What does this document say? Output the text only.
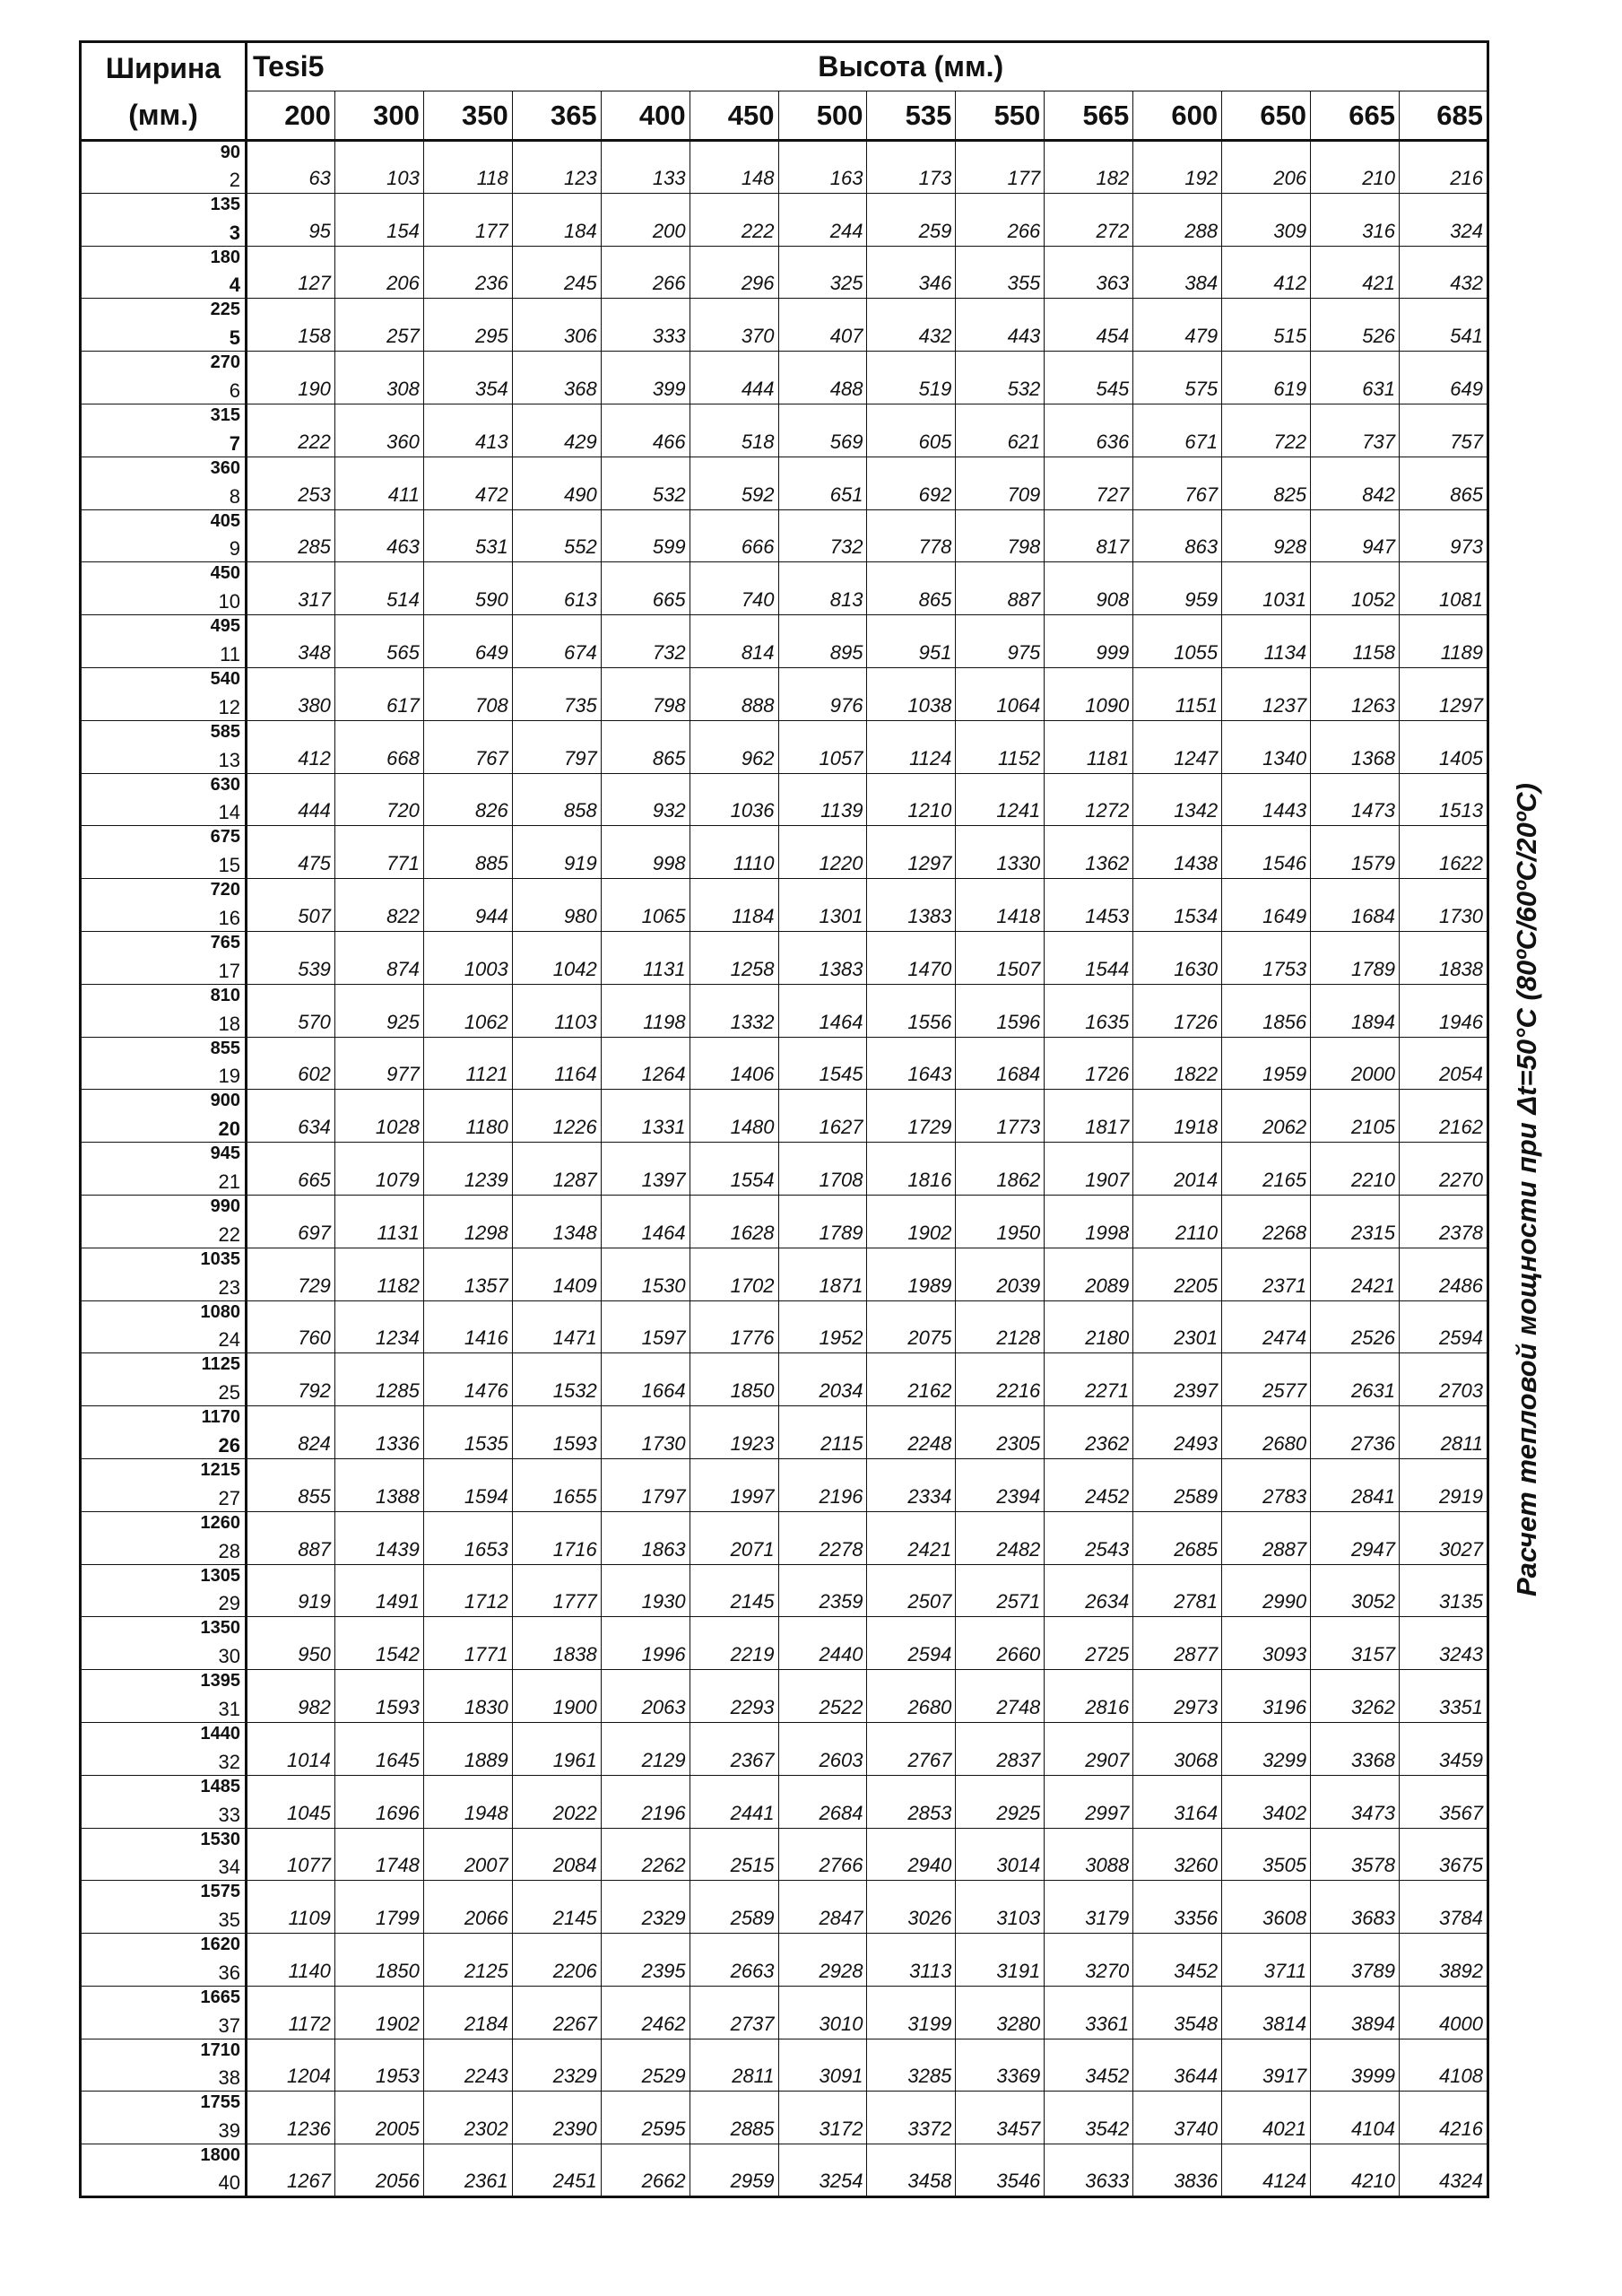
Ширина
(мм.)	Tesi5	Высота (мм.)												
	200	300	350	365	400	450	500	535	550	565	600	650	665	685

90
2	63	103	118	123	133	148	163	173	177	182	192	206	210	216

135
3	95	154	177	184	200	222	244	259	266	272	288	309	316	324

180
4	127	206	236	245	266	296	325	346	355	363	384	412	421	432

225
5	158	257	295	306	333	370	407	432	443	454	479	515	526	541

270
6	190	308	354	368	399	444	488	519	532	545	575	619	631	649

315
7	222	360	413	429	466	518	569	605	621	636	671	722	737	757

360
8	253	411	472	490	532	592	651	692	709	727	767	825	842	865

405
9	285	463	531	552	599	666	732	778	798	817	863	928	947	973

450
10	317	514	590	613	665	740	813	865	887	908	959	1031	1052	1081

495
11	348	565	649	674	732	814	895	951	975	999	1055	1134	1158	1189

540
12	380	617	708	735	798	888	976	1038	1064	1090	1151	1237	1263	1297

585
13	412	668	767	797	865	962	1057	1124	1152	1181	1247	1340	1368	1405

630
14	444	720	826	858	932	1036	1139	1210	1241	1272	1342	1443	1473	1513

675
15	475	771	885	919	998	1110	1220	1297	1330	1362	1438	1546	1579	1622

720
16	507	822	944	980	1065	1184	1301	1383	1418	1453	1534	1649	1684	1730

765
17	539	874	1003	1042	1131	1258	1383	1470	1507	1544	1630	1753	1789	1838

810
18	570	925	1062	1103	1198	1332	1464	1556	1596	1635	1726	1856	1894	1946

855
19	602	977	1121	1164	1264	1406	1545	1643	1684	1726	1822	1959	2000	2054

900
20	634	1028	1180	1226	1331	1480	1627	1729	1773	1817	1918	2062	2105	2162

945
21	665	1079	1239	1287	1397	1554	1708	1816	1862	1907	2014	2165	2210	2270

990
22	697	1131	1298	1348	1464	1628	1789	1902	1950	1998	2110	2268	2315	2378

1035
23	729	1182	1357	1409	1530	1702	1871	1989	2039	2089	2205	2371	2421	2486

1080
24	760	1234	1416	1471	1597	1776	1952	2075	2128	2180	2301	2474	2526	2594

1125
25	792	1285	1476	1532	1664	1850	2034	2162	2216	2271	2397	2577	2631	2703

1170
26	824	1336	1535	1593	1730	1923	2115	2248	2305	2362	2493	2680	2736	2811

1215
27	855	1388	1594	1655	1797	1997	2196	2334	2394	2452	2589	2783	2841	2919

1260
28	887	1439	1653	1716	1863	2071	2278	2421	2482	2543	2685	2887	2947	3027

1305
29	919	1491	1712	1777	1930	2145	2359	2507	2571	2634	2781	2990	3052	3135

1350
30	950	1542	1771	1838	1996	2219	2440	2594	2660	2725	2877	3093	3157	3243

1395
31	982	1593	1830	1900	2063	2293	2522	2680	2748	2816	2973	3196	3262	3351

1440
32	1014	1645	1889	1961	2129	2367	2603	2767	2837	2907	3068	3299	3368	3459

1485
33	1045	1696	1948	2022	2196	2441	2684	2853	2925	2997	3164	3402	3473	3567

1530
34	1077	1748	2007	2084	2262	2515	2766	2940	3014	3088	3260	3505	3578	3675

1575
35	1109	1799	2066	2145	2329	2589	2847	3026	3103	3179	3356	3608	3683	3784

1620
36	1140	1850	2125	2206	2395	2663	2928	3113	3191	3270	3452	3711	3789	3892

1665
37	1172	1902	2184	2267	2462	2737	3010	3199	3280	3361	3548	3814	3894	4000

1710
38	1204	1953	2243	2329	2529	2811	3091	3285	3369	3452	3644	3917	3999	4108

1755
39	1236	2005	2302	2390	2595	2885	3172	3372	3457	3542	3740	4021	4104	4216

1800
40	1267	2056	2361	2451	2662	2959	3254	3458	3546	3633	3836	4124	4210	4324
Расчет тепловой мощности при Δt=50°C (80ºC/60ºC/20ºC)
